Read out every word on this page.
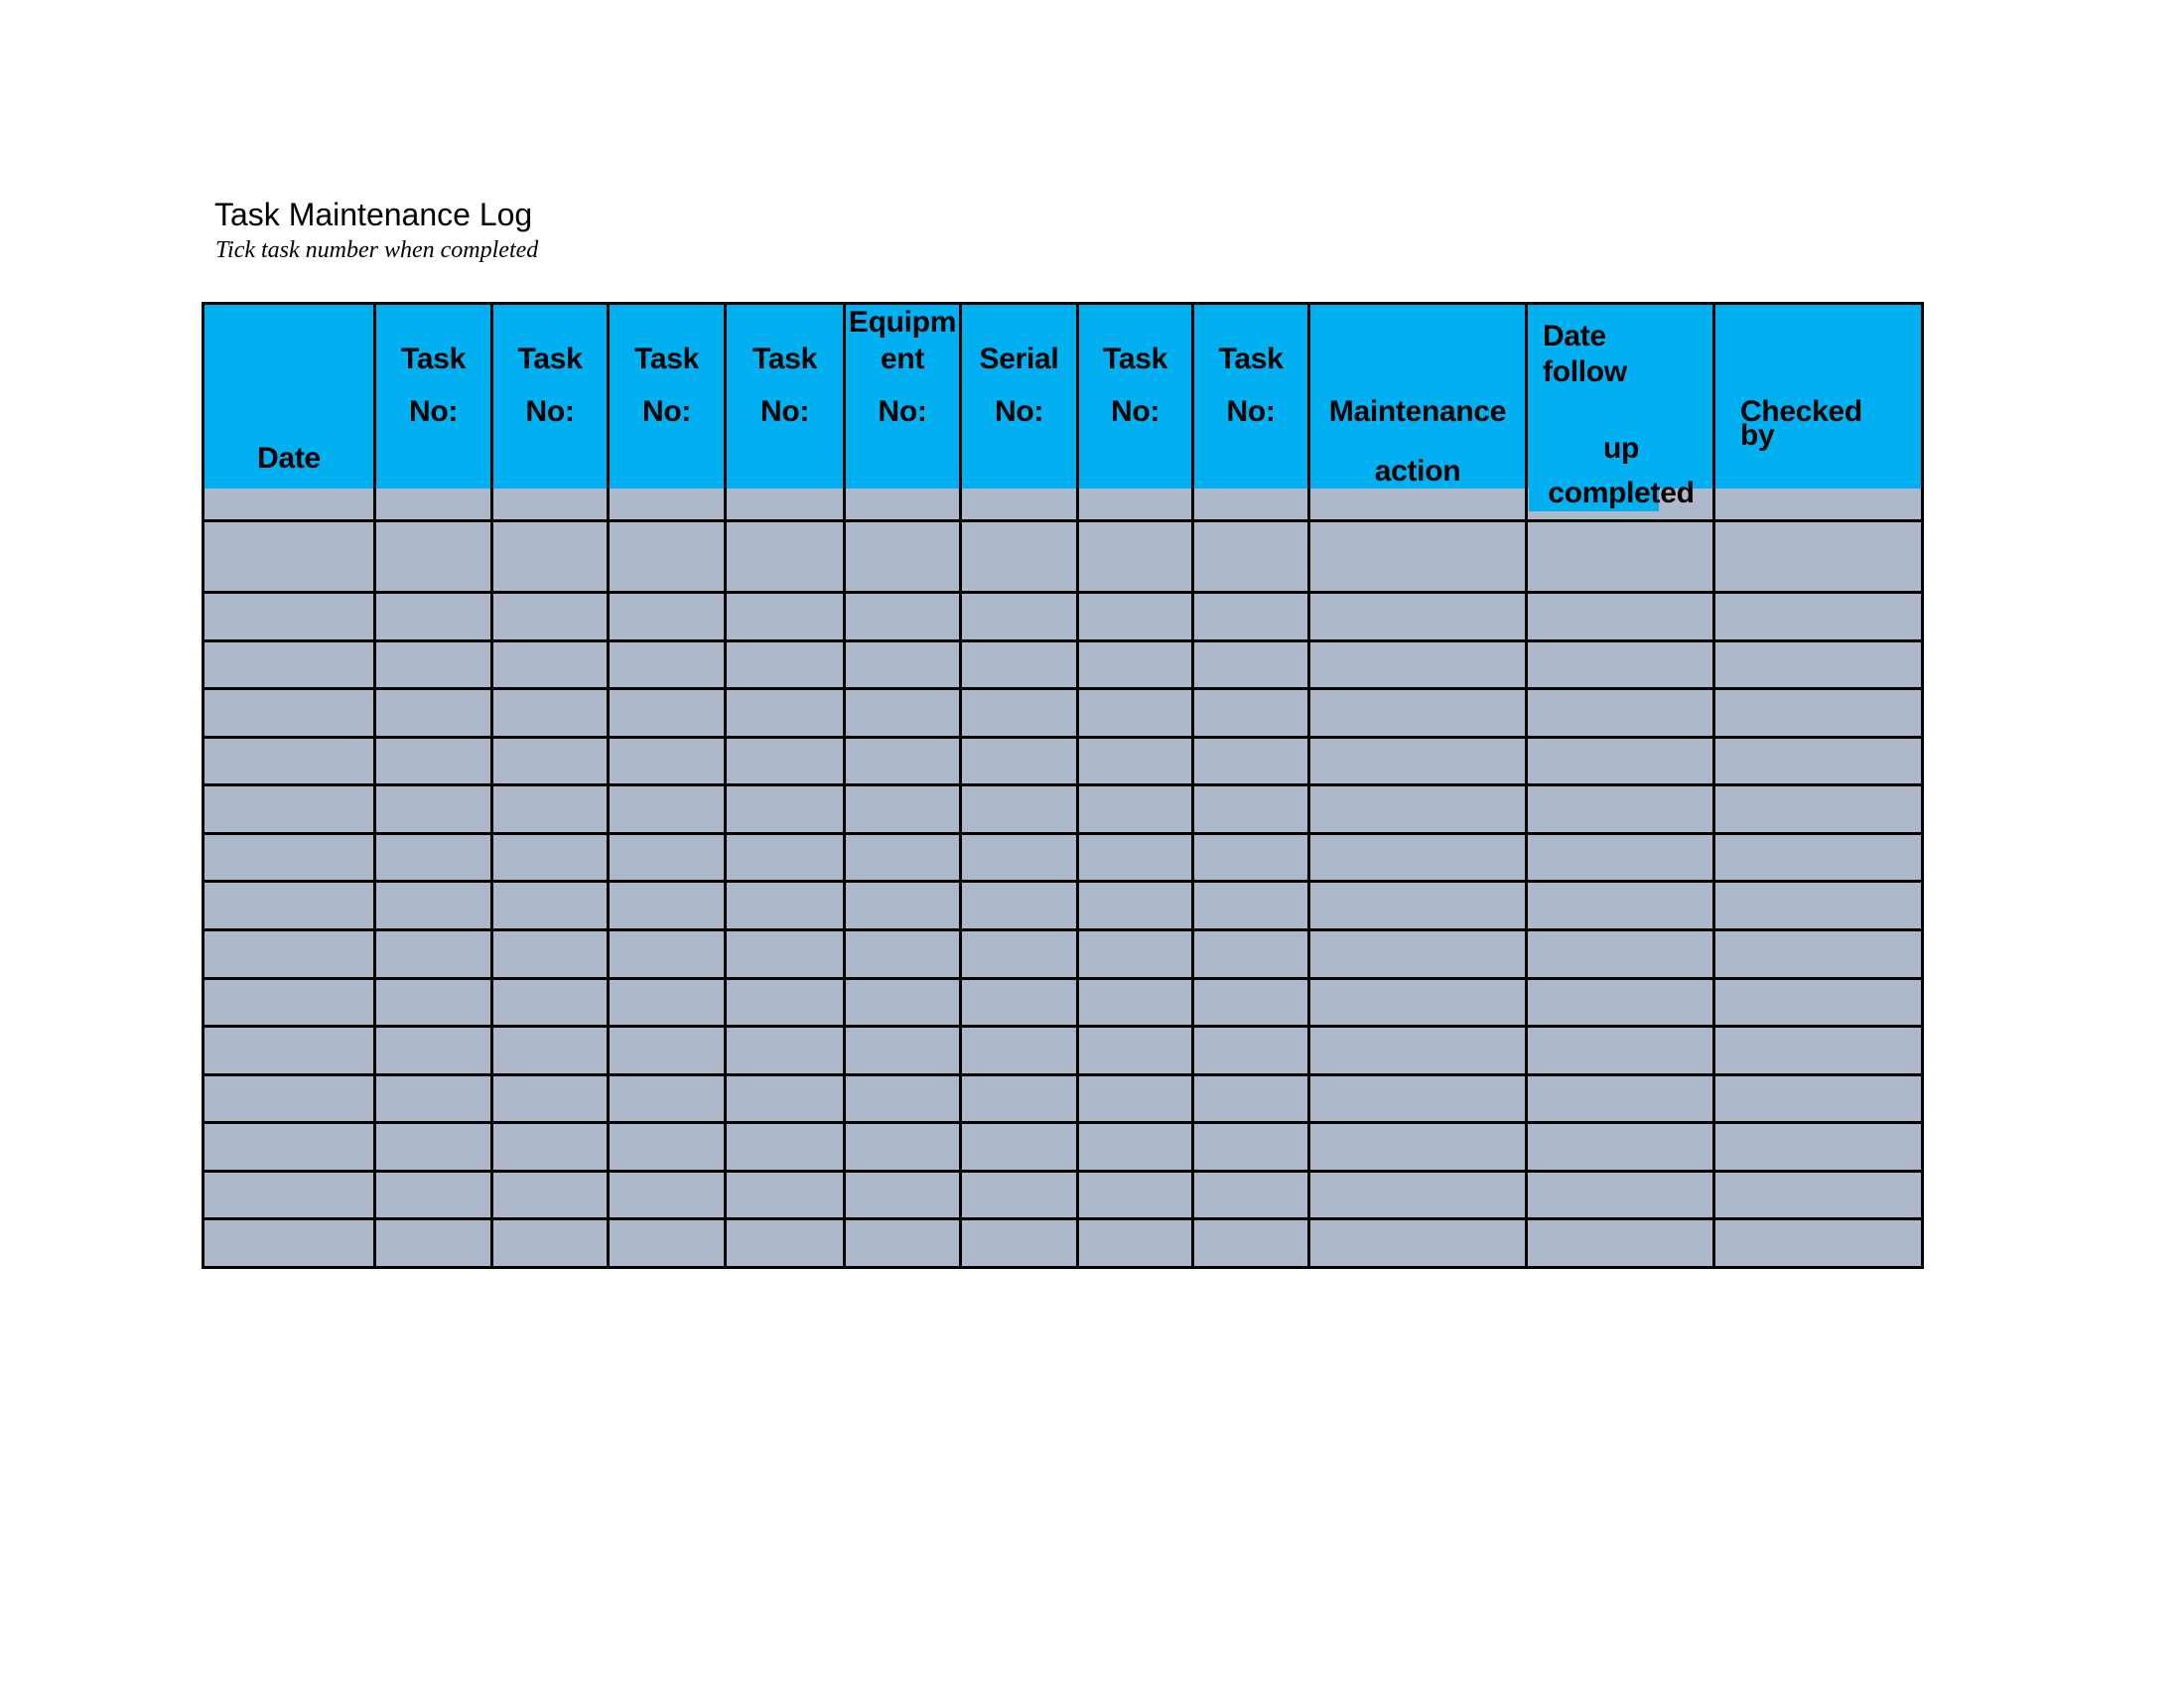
Task Maintenance Log
Tick task number when completed
Date
Task
No:
Task
No:
Task
No:
Task
No:
Equipm
ent
No:
Serial
No:
Task
No:
Task
No:	Maintenance
action
Date
follow
up
completed
Checked
by
